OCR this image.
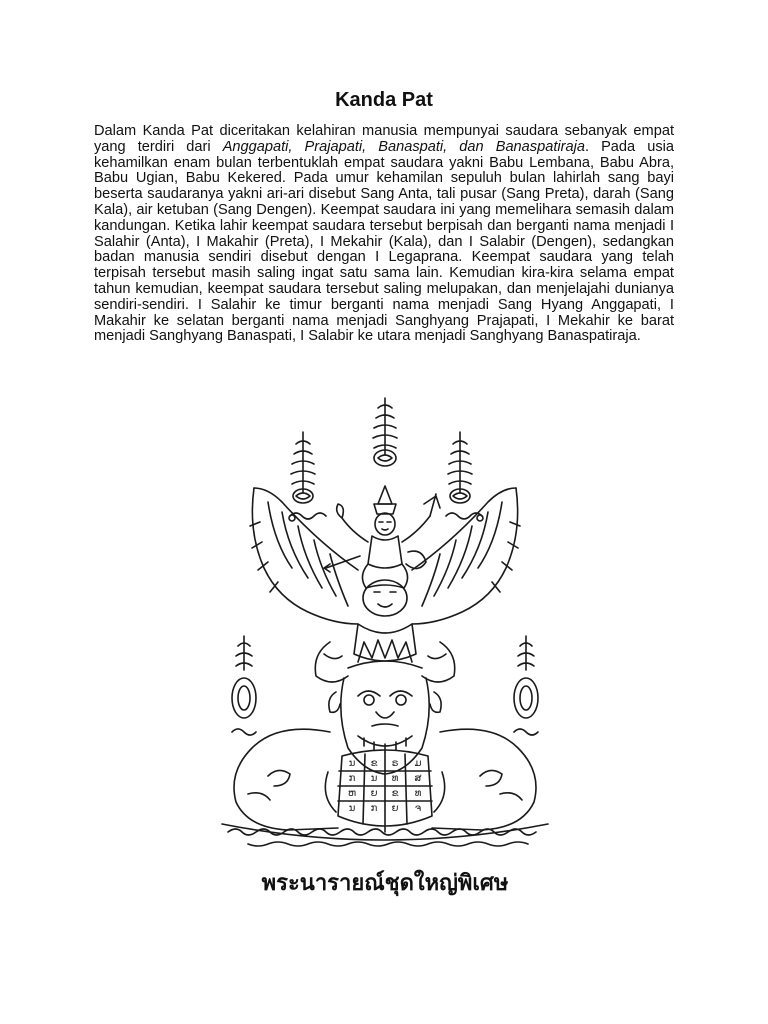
Kanda Pat

Dalam Kanda Pat diceritakan kelahiran manusia mempunyai saudara sebanyak empat yang terdiri dari Anggapati, Prajapati, Banaspati, dan Banaspatiraja. Pada usia kehamilkan enam bulan terbentuklah empat saudara yakni Babu Lembana, Babu Abra, Babu Ugian, Babu Kekered. Pada umur kehamilan sepuluh bulan lahirlah sang bayi beserta saudaranya yakni ari-ari disebut Sang Anta, tali pusar (Sang Preta), darah (Sang Kala), air ketuban (Sang Dengen). Keempat saudara ini yang memelihara semasih dalam kandungan. Ketika lahir keempat saudara tersebut berpisah dan berganti nama menjadi I Salahir (Anta), I Makahir (Preta), I Mekahir (Kala), dan I Salabir (Dengen), sedangkan badan manusia sendiri disebut dengan I Legaprana. Keempat saudara yang telah terpisah tersebut masih saling ingat satu sama lain. Kemudian kira-kira selama empat tahun kemudian, keempat saudara tersebut saling melupakan, dan menjelajahi dunianya sendiri-sendiri. I Salahir ke timur berganti nama menjadi Sang Hyang Anggapati, I Makahir ke selatan berganti nama menjadi Sanghyang Prajapati, I Mekahir ke barat menjadi Sanghyang Banaspati, I Salabir ke utara menjadi Sanghyang Banaspatiraja.

ນ ຂ ຣ ມ
ກ ນ ທ ສ
ຫ ຍ ຂ ທ
ນ ກ ຍ ຈ
พระนารายณ์ชุดใหญ่พิเศษ
